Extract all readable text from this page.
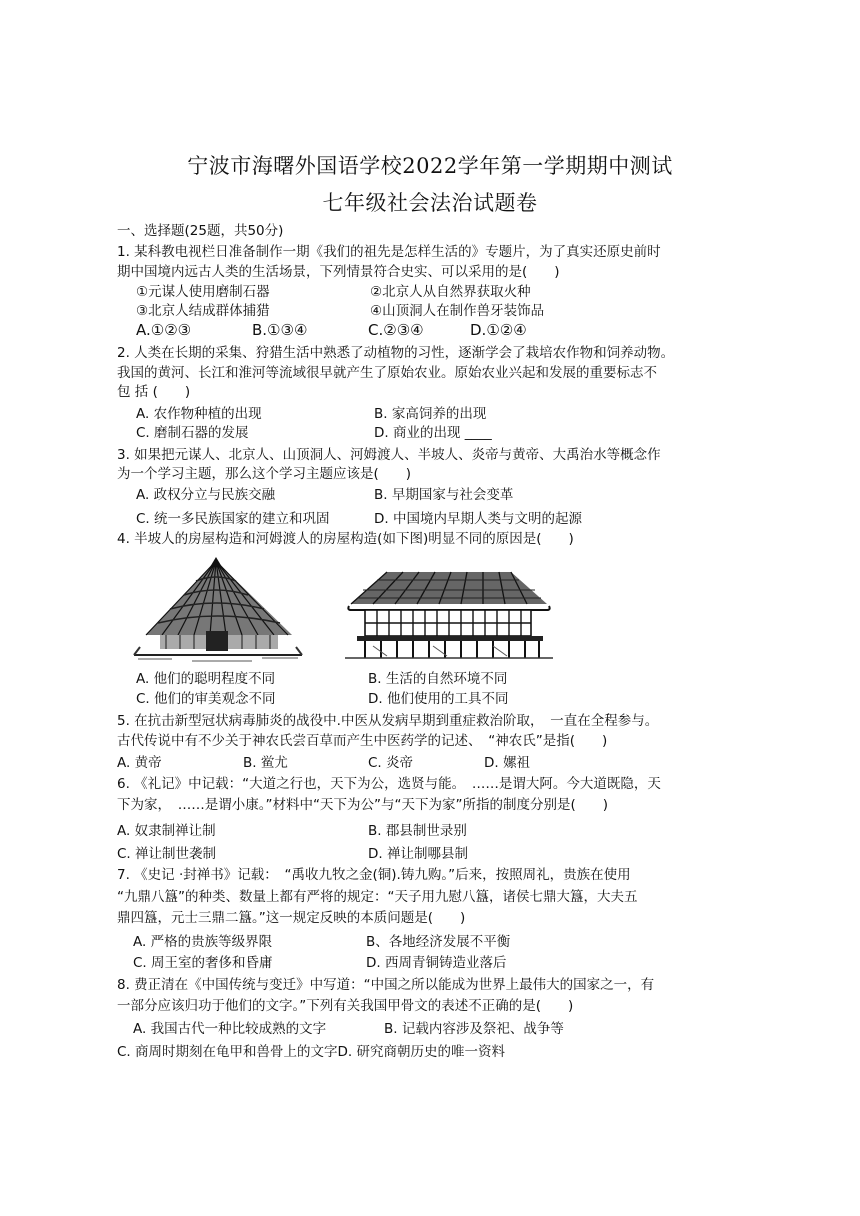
宁波市海曙外国语学校2022学年第一学期期中测试
七年级社会法治试题卷
一、选择题(25题，共50分)
1. 某科教电视栏日准备制作一期《我们的祖先是怎样生活的》专题片，为了真实还原史前时
期中国境内远古人类的生活场景，下列情景符合史实、可以采用的是(　　)
①元谋人使用磨制石器	②北京人从自然界获取火种
③北京人结成群体捕猎	④山顶洞人在制作兽牙装饰品
A.①②③	B.①③④	C.②③④	D.①②④
2. 人类在长期的采集、狩猎生活中熟悉了动植物的习性，逐渐学会了栽培农作物和饲养动物。
我国的黄河、长江和淮河等流域很早就产生了原始农业。原始农业兴起和发展的重要标志不
包 括 (　　)
A. 农作物种植的出现	B. 家高饲养的出现
C. 磨制石器的发展	D. 商业的出现 ____
3. 如果把元谋人、北京人、山顶洞人、河姆渡人、半坡人、炎帝与黄帝、大禹治水等概念作
为一个学习主题，那么这个学习主题应该是(　　)
A. 政权分立与民族交融	B. 早期国家与社会变革
C. 统一多民族国家的建立和巩固	D. 中国境内早期人类与文明的起源
4. 半坡人的房屋构造和河姆渡人的房屋构造(如下图)明显不同的原因是(　　)
A. 他们的聪明程度不同	B. 生活的自然环境不同
C. 他们的审美观念不同	D. 他们使用的工具不同
5. 在抗击新型冠状病毒肺炎的战役中.中医从发病早期到重症救治阶取，　一直在全程参与。
古代传说中有不少关于神农氏尝百草而产生中医药学的记述、　“神农氏”是指(　　)
A. 黄帝	B. 鲎尤	C. 炎帝	D. 嫘祖
6. 《礼记》中记载：“大道之行也，天下为公，选贤与能。　……是谓大阿。今大道既隐，天
下为家，　……是谓小康。”材料中“天下为公”与“天下为家”所指的制度分别是(　　)
A. 奴隶制禅让制	B. 郡县制世录别
C. 禅让制世袭制	D. 禅让制哪县制
7. 《史记 ·封禅书》记载：　“禹收九牧之金(铜).铸九购。”后来，按照周礼，贵族在使用
“九鼎八簋”的种类、数量上都有严将的规定：“天子用九慰八簋，诸侯七鼎大簋，大夫五
鼎四簋，元士三鼎二簋。”这一规定反映的本质问题是(　　)
A. 严格的贵族等级界限	B、各地经济发展不平衡
C. 周王室的奢侈和昏庸	D. 西周青铜铸造业落后
8. 费正清在《中国传统与变迁》中写道：“中国之所以能成为世界上最伟大的国家之一，有
一部分应该归功于他们的文字。”下列有关我国甲骨文的表述不正确的是(　　)
A. 我国古代一种比较成熟的文字	B. 记载内容涉及祭祀、战争等
C. 商周时期刻在龟甲和兽骨上的文字D. 研究商朝历史的唯一资料
